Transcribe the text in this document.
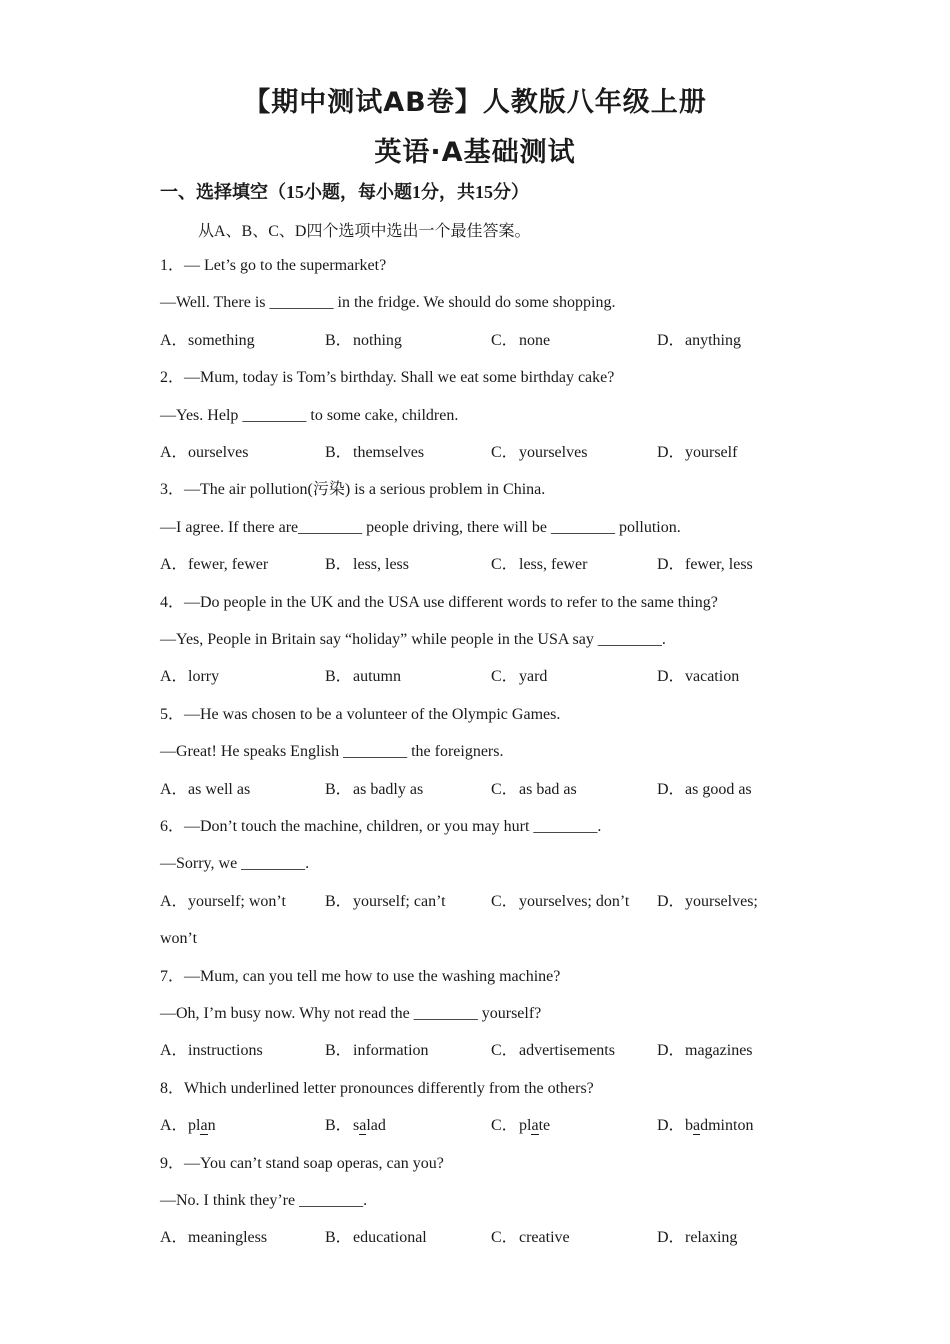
【期中测试AB卷】人教版八年级上册
英语·A基础测试

一、选择填空（15小题，每小题1分，共15分）

从A、B、C、D四个选项中选出一个最佳答案。

1．— Let’s go to the supermarket?
—Well. There is ________ in the fridge. We should do some shopping.
A．something	B．nothing	C．none	D．anything
2．—Mum, today is Tom’s birthday. Shall we eat some birthday cake?
—Yes. Help ________ to some cake, children.
A．ourselves	B．themselves	C．yourselves	D．yourself
3．—The air pollution(污染) is a serious problem in China.
—I agree. If there are________ people driving, there will be ________ pollution.
A．fewer, fewer	B．less, less	C．less, fewer	D．fewer, less
4．—Do people in the UK and the USA use different words to refer to the same thing?
—Yes, People in Britain say “holiday” while people in the USA say ________.
A．lorry	B．autumn	C．yard	D．vacation
5．—He was chosen to be a volunteer of the Olympic Games.
—Great! He speaks English ________ the foreigners.
A．as well as	B．as badly as	C．as bad as	D．as good as
6．—Don’t touch the machine, children, or you may hurt ________.
—Sorry, we ________.
A．yourself; won’t B．yourself; can’t	C．yourselves; don’t D．yourselves;
won’t
7．—Mum, can you tell me how to use the washing machine?
—Oh, I’m busy now. Why not read the ________ yourself?
A．instructions	B．information	C．advertisements	D．magazines
8．Which underlined letter pronounces differently from the others?
A．plan	B．salad	C．plate	D．badminton
9．—You can’t stand soap operas, can you?
—No. I think they’re ________.
A．meaningless	B．educational	C．creative	D．relaxing
